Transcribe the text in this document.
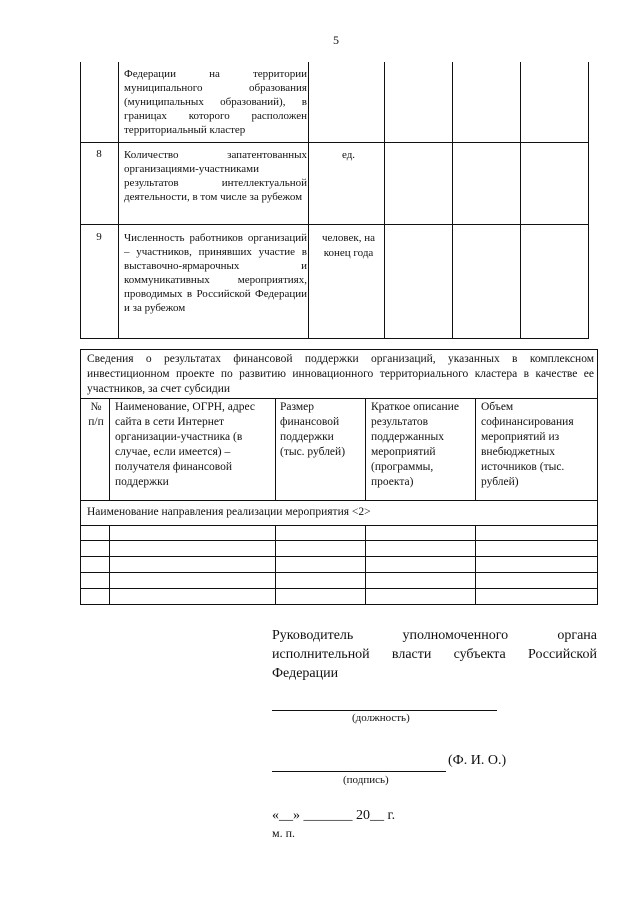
5
Федерации на территории муниципального образования (муниципальных образований), в границах которого расположен территориальный кластер
8	Количество запатентованных организациями-участниками результатов интеллектуальной деятельности, в том числе за рубежом
ед.
9	Численность работников организаций – участников, принявших участие в выставочно-ярмарочных и коммуникативных мероприятиях, проводимых в Российской Федерации и за рубежом
человек, на конец года
Сведения о результатах финансовой поддержки организаций, указанных в комплексном инвестиционном проекте по развитию инновационного территориального кластера в качестве ее участников, за счет субсидии
№ п/п
Наименование, ОГРН, адрес сайта в сети Интернет организации-участника (в случае, если имеется) – получателя финансовой поддержки
Размер финансовой поддержки (тыс. рублей)
Краткое описание результатов поддержанных мероприятий (программы, проекта)
Объем софинансирования мероприятий из внебюджетных источников (тыс. рублей)
Наименование направления реализации мероприятия <2>
Руководитель уполномоченного органа исполнительной власти субъекта Российской
Федерации
(должность)
(Ф. И. О.)
(подпись)
«__» _______ 20__ г.
м. п.
